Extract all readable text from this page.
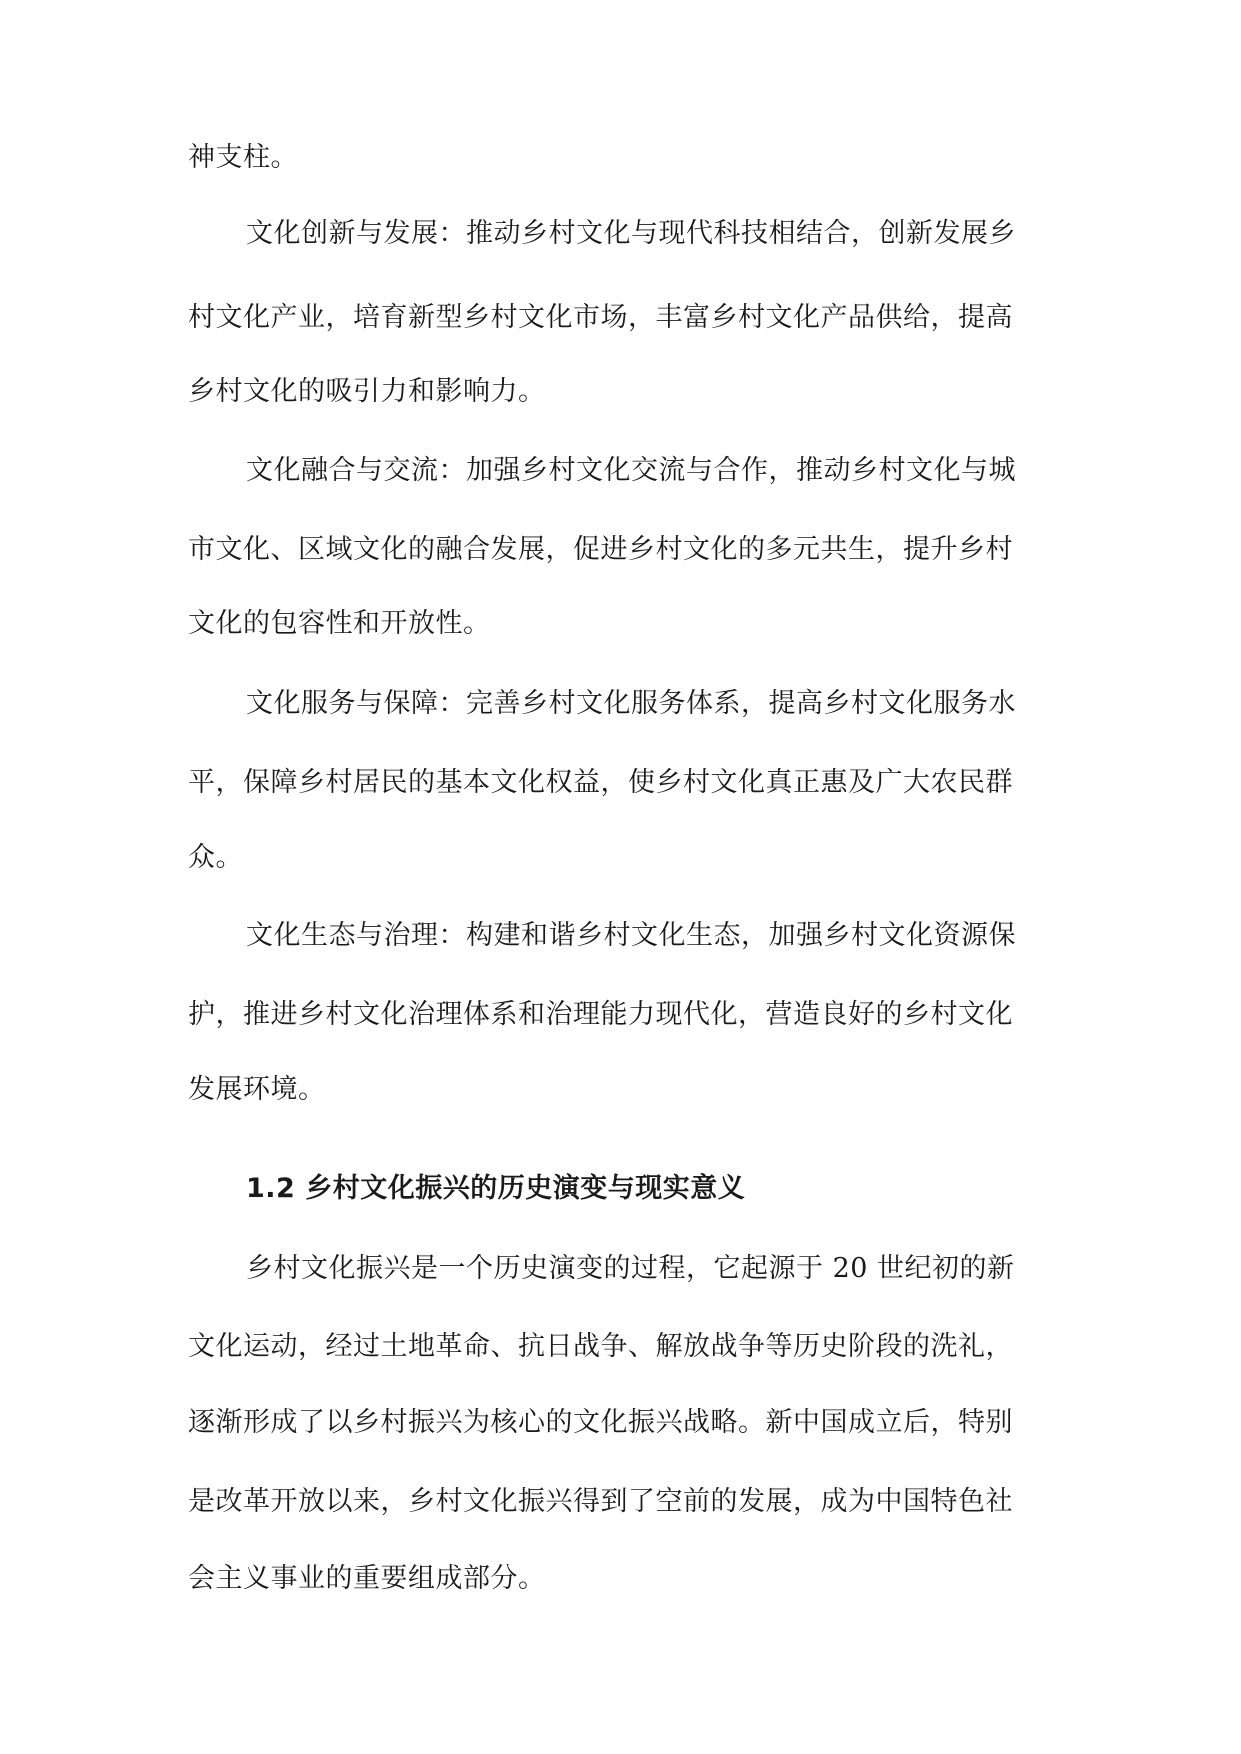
神支柱。
文化创新与发展：推动乡村文化与现代科技相结合，创新发展乡
村文化产业，培育新型乡村文化市场，丰富乡村文化产品供给，提高
乡村文化的吸引力和影响力。
文化融合与交流：加强乡村文化交流与合作，推动乡村文化与城
市文化、区域文化的融合发展，促进乡村文化的多元共生，提升乡村
文化的包容性和开放性。
文化服务与保障：完善乡村文化服务体系，提高乡村文化服务水
平，保障乡村居民的基本文化权益，使乡村文化真正惠及广大农民群
众。
文化生态与治理：构建和谐乡村文化生态，加强乡村文化资源保
护，推进乡村文化治理体系和治理能力现代化，营造良好的乡村文化
发展环境。
1.2 乡村文化振兴的历史演变与现实意义
乡村文化振兴是一个历史演变的过程，它起源于 20 世纪初的新
文化运动，经过土地革命、抗日战争、解放战争等历史阶段的洗礼，
逐渐形成了以乡村振兴为核心的文化振兴战略。新中国成立后，特别
是改革开放以来，乡村文化振兴得到了空前的发展，成为中国特色社
会主义事业的重要组成部分。
